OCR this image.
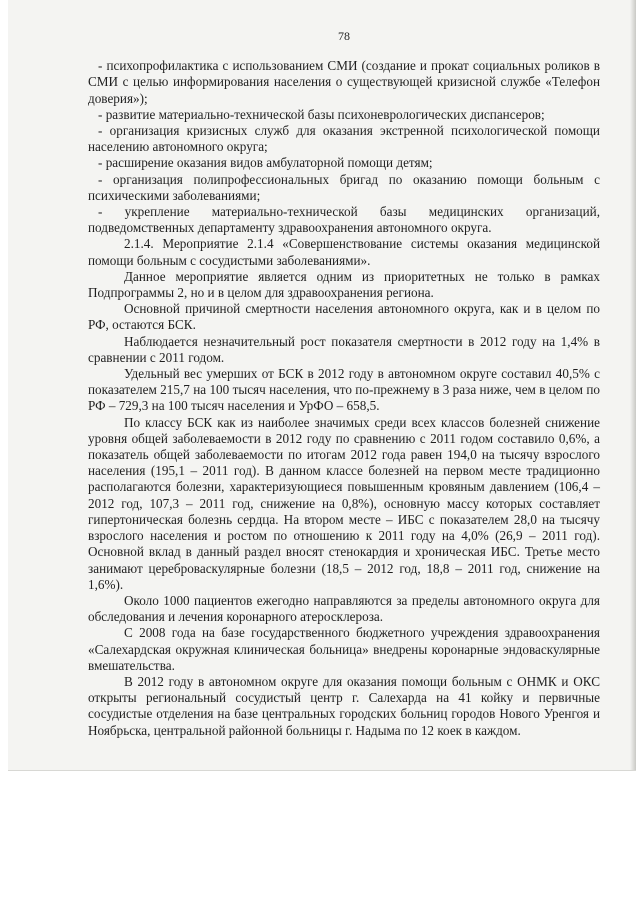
78

- психопрофилактика с использованием СМИ (создание и прокат социальных роликов в СМИ с целью информирования населения о существующей кризисной службе «Телефон доверия»);

- развитие материально-технической базы психоневрологических диспансеров;

- организация кризисных служб для оказания экстренной психологической помощи населению автономного округа;

- расширение оказания видов амбулаторной помощи детям;

- организация полипрофессиональных бригад по оказанию помощи больным с психическими заболеваниями;

- укрепление материально-технической базы медицинских организаций, подведомственных департаменту здравоохранения автономного округа.

2.1.4. Мероприятие 2.1.4 «Совершенствование системы оказания медицинской помощи больным с сосудистыми заболеваниями».

Данное мероприятие является одним из приоритетных не только в рамках Подпрограммы 2, но и в целом для здравоохранения региона.

Основной причиной смертности населения автономного округа, как и в целом по РФ, остаются БСК.

Наблюдается незначительный рост показателя смертности в 2012 году на 1,4% в сравнении с 2011 годом.

Удельный вес умерших от БСК в 2012 году в автономном округе составил 40,5% с показателем 215,7 на 100 тысяч населения, что по-прежнему в 3 раза ниже, чем в целом по РФ – 729,3 на 100 тысяч населения и УрФО – 658,5.

По классу БСК как из наиболее значимых среди всех классов болезней снижение уровня общей заболеваемости в 2012 году по сравнению с 2011 годом составило 0,6%, а показатель общей заболеваемости по итогам 2012 года равен 194,0 на тысячу взрослого населения (195,1 – 2011 год). В данном классе болезней на первом месте традиционно располагаются болезни, характеризующиеся повышенным кровяным давлением (106,4 – 2012 год, 107,3 – 2011 год, снижение на 0,8%), основную массу которых составляет гипертоническая болезнь сердца. На втором месте – ИБС с показателем 28,0 на тысячу взрослого населения и ростом по отношению к 2011 году на 4,0% (26,9 – 2011 год). Основной вклад в данный раздел вносят стенокардия и хроническая ИБС. Третье место занимают цереброваскулярные болезни (18,5 – 2012 год, 18,8 – 2011 год, снижение на 1,6%).

Около 1000 пациентов ежегодно направляются за пределы автономного округа для обследования и лечения коронарного атеросклероза.

С 2008 года на базе государственного бюджетного учреждения здравоохранения «Салехардская окружная клиническая больница» внедрены коронарные эндоваскулярные вмешательства.

В 2012 году в автономном округе для оказания помощи больным с ОНМК и ОКС открыты региональный сосудистый центр г. Салехарда на 41 койку и первичные сосудистые отделения на базе центральных городских больниц городов Нового Уренгоя и Ноябрьска, центральной районной больницы г. Надыма по 12 коек в каждом.
